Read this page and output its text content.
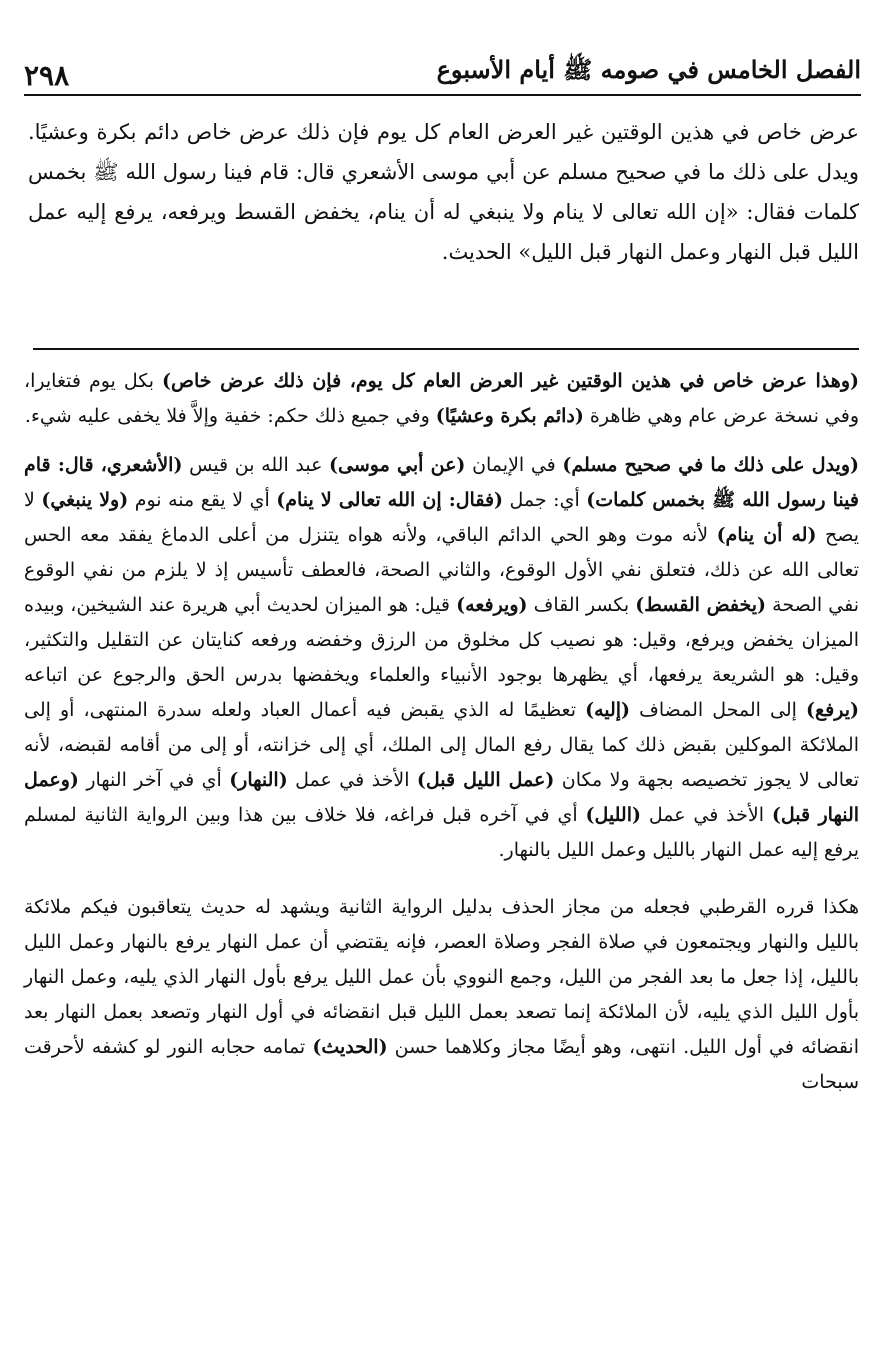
٢٩٨	الفصل الخامس في صومه ﷺ أيام الأسبوع

عرض خاص في هذين الوقتين غير العرض العام كل يوم فإن ذلك عرض خاص دائم بكرة وعشيًا. ويدل على ذلك ما في صحيح مسلم عن أبي موسى الأشعري قال: قام فينا رسول الله ﷺ بخمس كلمات فقال: «إن الله تعالى لا ينام ولا ينبغي له أن ينام، يخفض القسط ويرفعه، يرفع إليه عمل الليل قبل النهار وعمل النهار قبل الليل» الحديث.

(وهذا عرض خاص في هذين الوقتين غير العرض العام كل يوم، فإن ذلك عرض خاص) بكل يوم فتغايرا، وفي نسخة عرض عام وهي ظاهرة (دائم بكرة وعشيًا) وفي جميع ذلك حكم: خفية وإلاَّ فلا يخفى عليه شيء.

(ويدل على ذلك ما في صحيح مسلم) في الإيمان (عن أبي موسى) عبد الله بن قيس (الأشعري، قال: قام فينا رسول الله ﷺ بخمس كلمات) أي: جمل (فقال: إن الله تعالى لا ينام) أي لا يقع منه نوم (ولا ينبغي) لا يصح (له أن ينام) لأنه موت وهو الحي الدائم الباقي، ولأنه هواه يتنزل من أعلى الدماغ يفقد معه الحس تعالى الله عن ذلك، فتعلق نفي الأول الوقوع، والثاني الصحة، فالعطف تأسيس إذ لا يلزم من نفي الوقوع نفي الصحة (يخفض القسط) بكسر القاف (ويرفعه) قيل: هو الميزان لحديث أبي هريرة عند الشيخين، وبيده الميزان يخفض ويرفع، وقيل: هو نصيب كل مخلوق من الرزق وخفضه ورفعه كنايتان عن التقليل والتكثير، وقيل: هو الشريعة يرفعها، أي يظهرها بوجود الأنبياء والعلماء ويخفضها بدرس الحق والرجوع عن اتباعه (يرفع) إلى المحل المضاف (إليه) تعظيمًا له الذي يقبض فيه أعمال العباد ولعله سدرة المنتهى، أو إلى الملائكة الموكلين بقبض ذلك كما يقال رفع المال إلى الملك، أي إلى خزانته، أو إلى من أقامه لقبضه، لأنه تعالى لا يجوز تخصيصه بجهة ولا مكان (عمل الليل قبل) الأخذ في عمل (النهار) أي في آخر النهار (وعمل النهار قبل) الأخذ في عمل (الليل) أي في آخره قبل فراغه، فلا خلاف بين هذا وبين الرواية الثانية لمسلم يرفع إليه عمل النهار بالليل وعمل الليل بالنهار.

هكذا قرره القرطبي فجعله من مجاز الحذف بدليل الرواية الثانية ويشهد له حديث يتعاقبون فيكم ملائكة بالليل والنهار ويجتمعون في صلاة الفجر وصلاة العصر، فإنه يقتضي أن عمل النهار يرفع بالنهار وعمل الليل بالليل، إذا جعل ما بعد الفجر من الليل، وجمع النووي بأن عمل الليل يرفع بأول النهار الذي يليه، وعمل النهار بأول الليل الذي يليه، لأن الملائكة إنما تصعد بعمل الليل قبل انقضائه في أول النهار وتصعد بعمل النهار بعد انقضائه في أول الليل. انتهى، وهو أيضًا مجاز وكلاهما حسن (الحديث) تمامه حجابه النور لو كشفه لأحرقت سبحات
